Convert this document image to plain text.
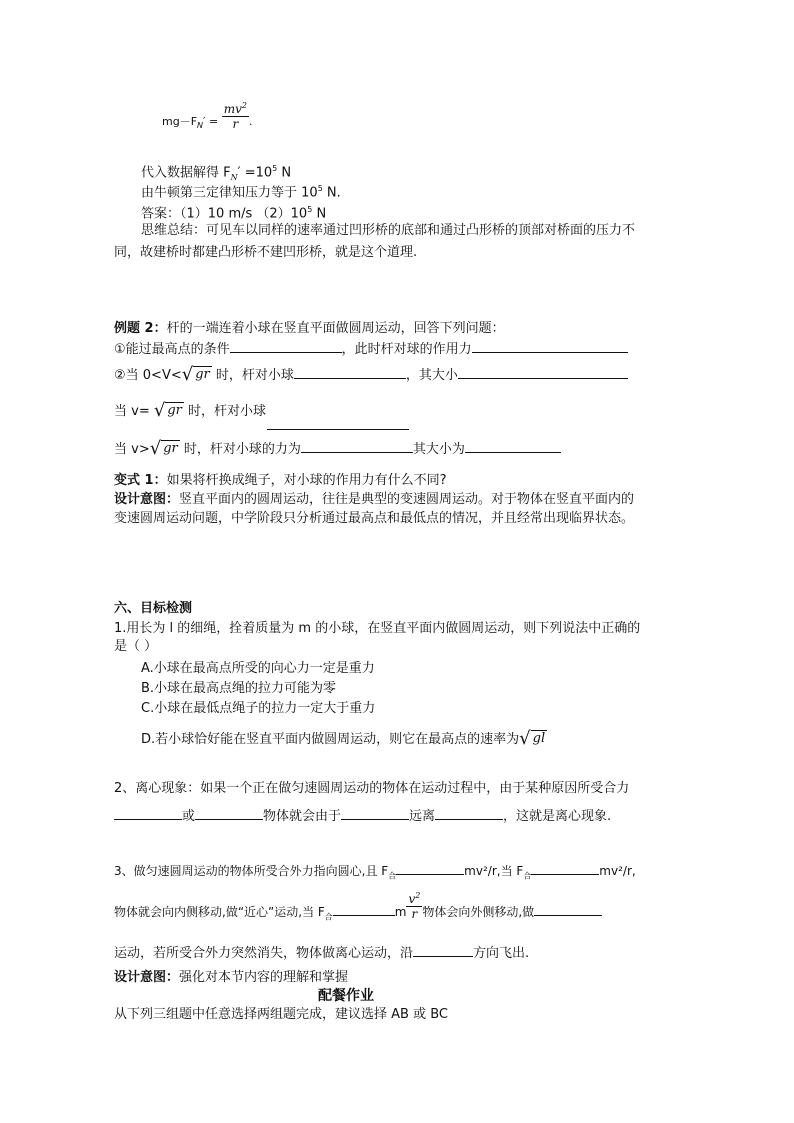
$mg-F_N' = \frac{mv^2}{r}$ .
代入数据解得 $F_N' =10^5$ N
由牛顿第三定律知压力等于 $10^5$ N.
答案：（1）10 m/s $(2)10^5$ N
思维总结：可见车以同样的速率通过凹形桥的底部和通过凸形桥的顶部对桥面的压力不
同，故建桥时都建凸形桥不建凹形桥，就是这个道理.
例题 2：杆的一端连着小球在竖直平面做圆周运动，回答下列问题：
①能过最高点的条件	，此时杆对球的作用力
②当 0<V<√ gr 时，杆对小球	，其大小
当 v= √ gr 时，杆对小球
当 v>√ gr 时，杆对小球的力为	其大小为
变式 1：如果将杆换成绳子，对小球的作用力有什么不同?
设计意图：竖直平面内的圆周运动，往往是典型的变速圆周运动。对于物体在竖直平面内的
变速圆周运动问题，中学阶段只分析通过最高点和最低点的情况，并且经常出现临界状态。
六、目标检测
1.用长为 l 的细绳，拴着质量为 m 的小球，在竖直平面内做圆周运动，则下列说法中正确的
是（ ）
A.小球在最高点所受的向心力一定是重力
B.小球在最高点绳的拉力可能为零
C.小球在最低点绳子的拉力一定大于重力
D.若小球恰好能在竖直平面内做圆周运动，则它在最高点的速率为√ gl
2、离心现象：如果一个正在做匀速圆周运动的物体在运动过程中，由于某种原因所受合力
或	物体就会由于	远离	，这就是离心现象.
3、做匀速圆周运动的物体所受合外力指向圆心,且 $F_合$	mv²/r,当 $F_合$	mv²/r,
物体就会向内侧移动,做“近心”运动,当 $F_合$	m $\frac{v^2}{r}$ 物体会向外侧移动,做
运动，若所受合外力突然消失，物体做离心运动，沿	方向飞出.
设计意图：强化对本节内容的理解和掌握
配餐作业
从下列三组题中任意选择两组题完成，建议选择 AB 或 BC
